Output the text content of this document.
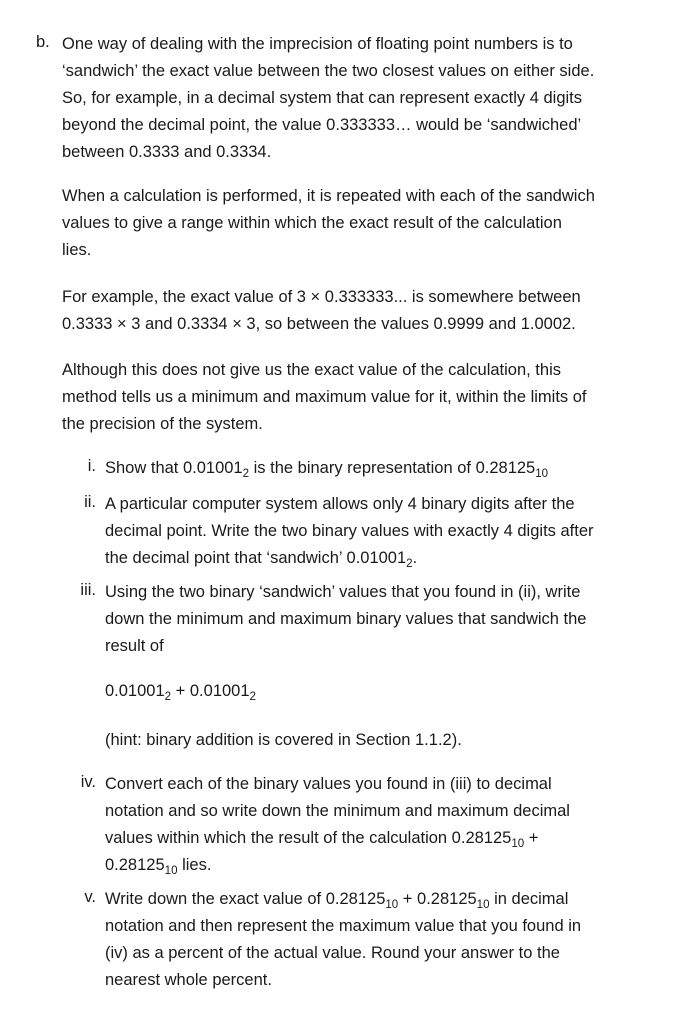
b. One way of dealing with the imprecision of floating point numbers is to
‘sandwich’ the exact value between the two closest values on either side.
So, for example, in a decimal system that can represent exactly 4 digits
beyond the decimal point, the value 0.333333… would be ‘sandwiched’
between 0.3333 and 0.3334.

When a calculation is performed, it is repeated with each of the sandwich
values to give a range within which the exact result of the calculation
lies.

For example, the exact value of 3 × 0.333333... is somewhere between
0.3333 × 3 and 0.3334 × 3, so between the values 0.9999 and 1.0002.

Although this does not give us the exact value of the calculation, this
method tells us a minimum and maximum value for it, within the limits of
the precision of the system.

i. Show that $0.01001_2$ is the binary representation of $0.28125_{10}$

ii. A particular computer system allows only 4 binary digits after the
decimal point. Write the two binary values with exactly 4 digits after
the decimal point that ‘sandwich’ $0.01001_2$.

iii. Using the two binary ‘sandwich’ values that you found in (ii), write
down the minimum and maximum binary values that sandwich the
result of

$0.01001_2 + 0.01001_2$

(hint: binary addition is covered in Section 1.1.2).

iv. Convert each of the binary values you found in (iii) to decimal
notation and so write down the minimum and maximum decimal
values within which the result of the calculation $0.28125_{10}$ +
$0.28125_{10}$ lies.

v. Write down the exact value of $0.28125_{10} + 0.28125_{10}$ in decimal
notation and then represent the maximum value that you found in
(iv) as a percent of the actual value. Round your answer to the
nearest whole percent.
